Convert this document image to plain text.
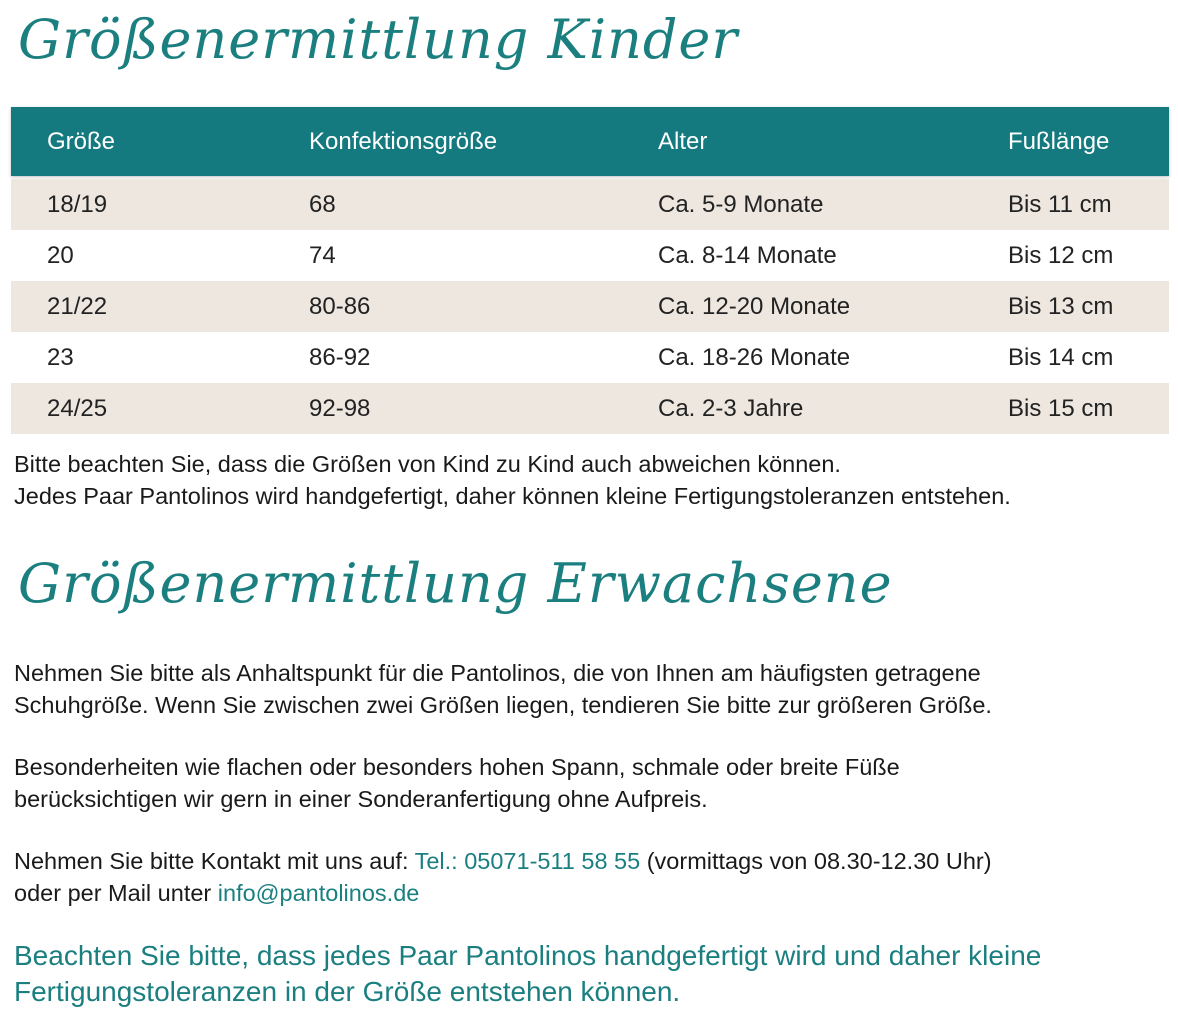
Größenermittlung Kinder
Größe	Konfektionsgröße	Alter	Fußlänge
18/19	68	Ca. 5-9 Monate	Bis 11 cm
20	74	Ca. 8-14 Monate	Bis 12 cm
21/22	80-86	Ca. 12-20 Monate	Bis 13 cm
23	86-92	Ca. 18-26 Monate	Bis 14 cm
24/25	92-98	Ca. 2-3 Jahre	Bis 15 cm

Bitte beachten Sie, dass die Größen von Kind zu Kind auch abweichen können.
Jedes Paar Pantolinos wird handgefertigt, daher können kleine Fertigungstoleranzen entstehen.

Größenermittlung Erwachsene

Nehmen Sie bitte als Anhaltspunkt für die Pantolinos, die von Ihnen am häufigsten getragene
Schuhgröße. Wenn Sie zwischen zwei Größen liegen, tendieren Sie bitte zur größeren Größe.

Besonderheiten wie flachen oder besonders hohen Spann, schmale oder breite Füße
berücksichtigen wir gern in einer Sonderanfertigung ohne Aufpreis.

Nehmen Sie bitte Kontakt mit uns auf: Tel.: 05071-511 58 55 (vormittags von 08.30-12.30 Uhr)
oder per Mail unter info@pantolinos.de

Beachten Sie bitte, dass jedes Paar Pantolinos handgefertigt wird und daher kleine
Fertigungstoleranzen in der Größe entstehen können.
